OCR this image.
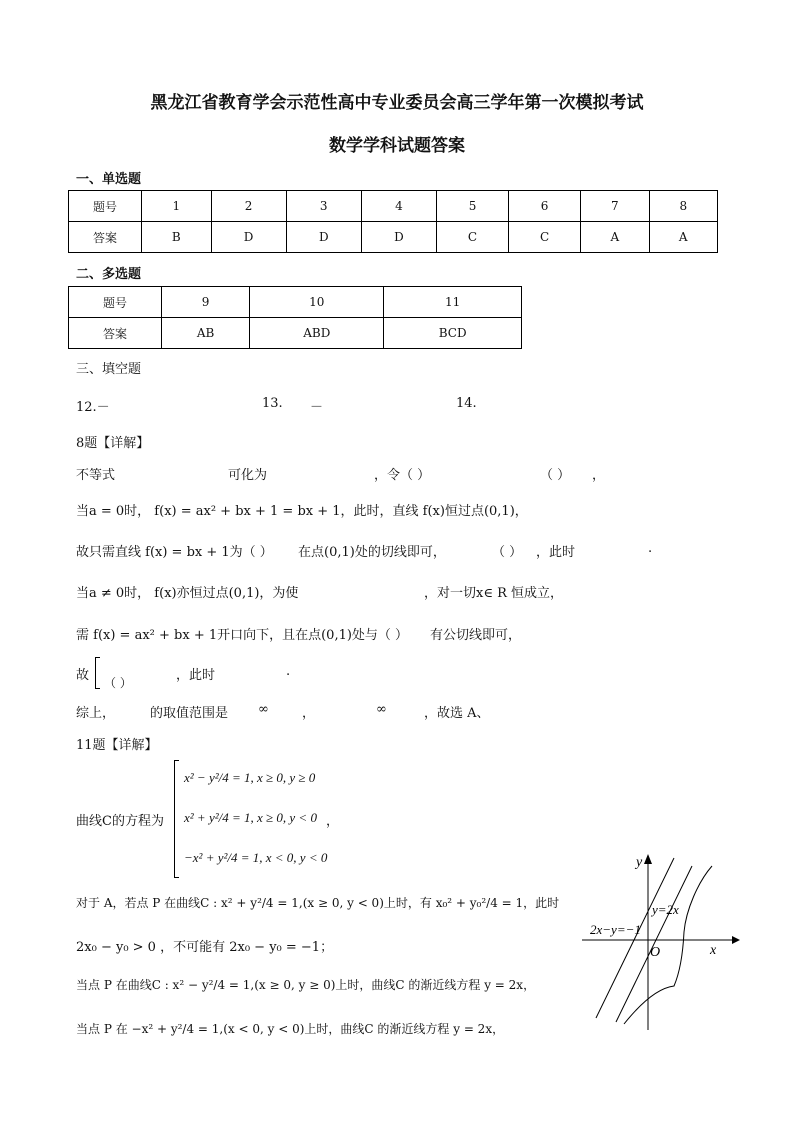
黑龙江省教育学会示范性高中专业委员会高三学年第一次模拟考试
数学学科试题答案
一、单选题
题号	1	2	3	4	5	6	7	8
答案	B	D	D	D	C	C	A	A
二、多选题
题号	9	10	11
答案	AB	ABD	BCD
三、填空题
12.－	13. －	14.
8题【详解】
不等式	可化为	，令（ ）	（ ） ，
当a = 0时， f(x) = ax² + bx + 1 = bx + 1，此时，直线 f(x)恒过点(0,1)，
故只需直线 f(x) = bx + 1为（ ） 在点(0,1)处的切线即可，	（ ） ，此时	.
当a ≠ 0时， f(x)亦恒过点(0,1)，为使	，对一切x∈ R 恒成立，
需 f(x) = ax² + bx + 1开口向下，且在点(0,1)处与（ ） 有公切线即可，
故 （ ）	，此时	.
综上，	的取值范围是 ∞	，	∞	，故选 A、
11题【详解】
曲线C的方程为
x² − y²/4 = 1, x ≥ 0, y ≥ 0
x² + y²/4 = 1, x ≥ 0, y < 0
−x² + y²/4 = 1, x < 0, y < 0
，
对于 A，若点 P 在曲线C : x² + y²/4 = 1,(x ≥ 0, y < 0)上时，有 x₀² + y₀²/4 = 1，此时
2x₀ − y₀ > 0 ，不可能有 2x₀ − y₀ = −1；
当点 P 在曲线C : x² − y²/4 = 1,(x ≥ 0, y ≥ 0)上时，曲线C 的渐近线方程 y = 2x，
当点 P 在 −x² + y²/4 = 1,(x < 0, y < 0)上时，曲线C 的渐近线方程 y = 2x，
y
x
O
y=2x
2x−y=−1
